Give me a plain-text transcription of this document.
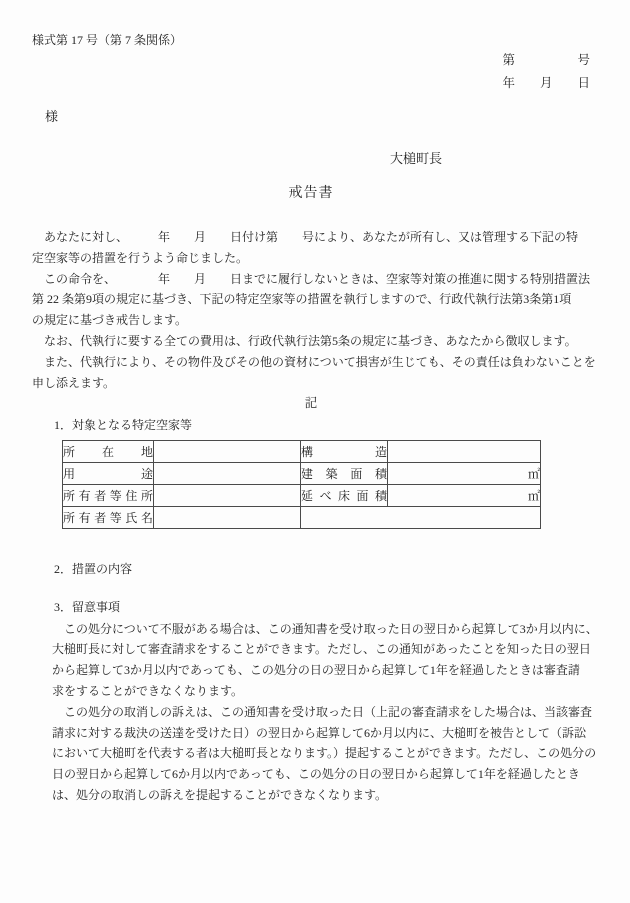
様式第 17 号（第 7 条関係）
第　　　　　号
年　　月　　日
　様
大槌町長
戒告書
　あなたに対し、　　　年　　月　　日付け第　　号により、あなたが所有し、又は管理する下記の特
定空家等の措置を行うよう命じました。
　この命令を、　　　　年　　月　　日までに履行しないときは、空家等対策の推進に関する特別措置法
第 22 条第9項の規定に基づき、下記の特定空家等の措置を執行しますので、行政代執行法第3条第1項
の規定に基づき戒告します。
　なお、代執行に要する全ての費用は、行政代執行法第5条の規定に基づき、あなたから徴収します。
　また、代執行により、その物件及びその他の資材について損害が生じても、その責任は負わないことを
申し添えます。
記
1．対象となる特定空家等
所在地		構造	
用途		建築面積	㎡
所有者等住所		延べ床面積	㎡
所有者等氏名			
2．措置の内容
3．留意事項
　この処分について不服がある場合は、この通知書を受け取った日の翌日から起算して3か月以内に、
大槌町長に対して審査請求をすることができます。ただし、この通知があったことを知った日の翌日
から起算して3か月以内であっても、この処分の日の翌日から起算して1年を経過したときは審査請
求をすることができなくなります。
　この処分の取消しの訴えは、この通知書を受け取った日（上記の審査請求をした場合は、当該審査
請求に対する裁決の送達を受けた日）の翌日から起算して6か月以内に、大槌町を被告として（訴訟
において大槌町を代表する者は大槌町長となります。）提起することができます。ただし、この処分の
日の翌日から起算して6か月以内であっても、この処分の日の翌日から起算して1年を経過したとき
は、処分の取消しの訴えを提起することができなくなります。
